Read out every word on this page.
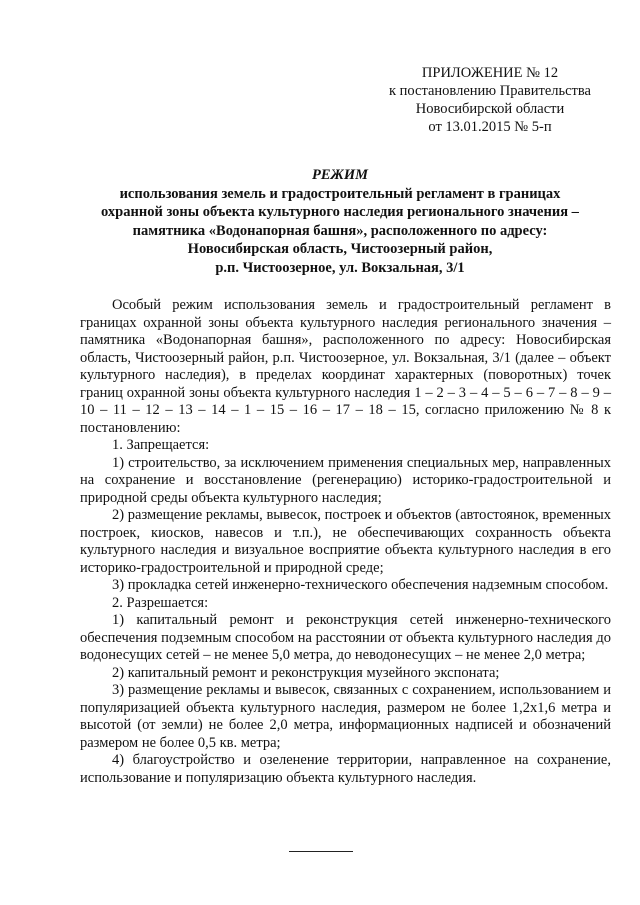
ПРИЛОЖЕНИЕ № 12
к постановлению Правительства
Новосибирской области
от 13.01.2015 № 5-п
РЕЖИМ
использования земель и градостроительный регламент в границах
охранной зоны объекта культурного наследия регионального значения –
памятника «Водонапорная башня», расположенного по адресу:
Новосибирская область, Чистоозерный район,
р.п. Чистоозерное, ул. Вокзальная, 3/1

Особый режим использования земель и градостроительный регламент в границах охранной зоны объекта культурного наследия регионального значения – памятника «Водонапорная башня», расположенного по адресу: Новосибирская область, Чистоозерный район, р.п. Чистоозерное, ул. Вокзальная, 3/1 (далее – объект культурного наследия), в пределах координат характерных (поворотных) точек границ охранной зоны объекта культурного наследия 1 – 2 – 3 – 4 – 5 – 6 – 7 – 8 – 9 – 10 – 11 – 12 – 13 – 14 – 1 – 15 – 16 – 17 – 18 – 15, согласно приложению № 8 к постановлению:

1. Запрещается:

1) строительство, за исключением применения специальных мер, направленных на сохранение и восстановление (регенерацию) историко-градостроительной и природной среды объекта культурного наследия;

2) размещение рекламы, вывесок, построек и объектов (автостоянок, временных построек, киосков, навесов и т.п.), не обеспечивающих сохранность объекта культурного наследия и визуальное восприятие объекта культурного наследия в его историко-градостроительной и природной среде;

3) прокладка сетей инженерно-технического обеспечения надземным способом.

2. Разрешается:

1) капитальный ремонт и реконструкция сетей инженерно-технического обеспечения подземным способом на расстоянии от объекта культурного наследия до водонесущих сетей – не менее 5,0 метра, до неводонесущих – не менее 2,0 метра;

2) капитальный ремонт и реконструкция музейного экспоната;

3) размещение рекламы и вывесок, связанных с сохранением, использованием и популяризацией объекта культурного наследия, размером не более 1,2x1,6 метра и высотой (от земли) не более 2,0 метра, информационных надписей и обозначений размером не более 0,5 кв. метра;

4) благоустройство и озеленение территории, направленное на сохранение, использование и популяризацию объекта культурного наследия.
